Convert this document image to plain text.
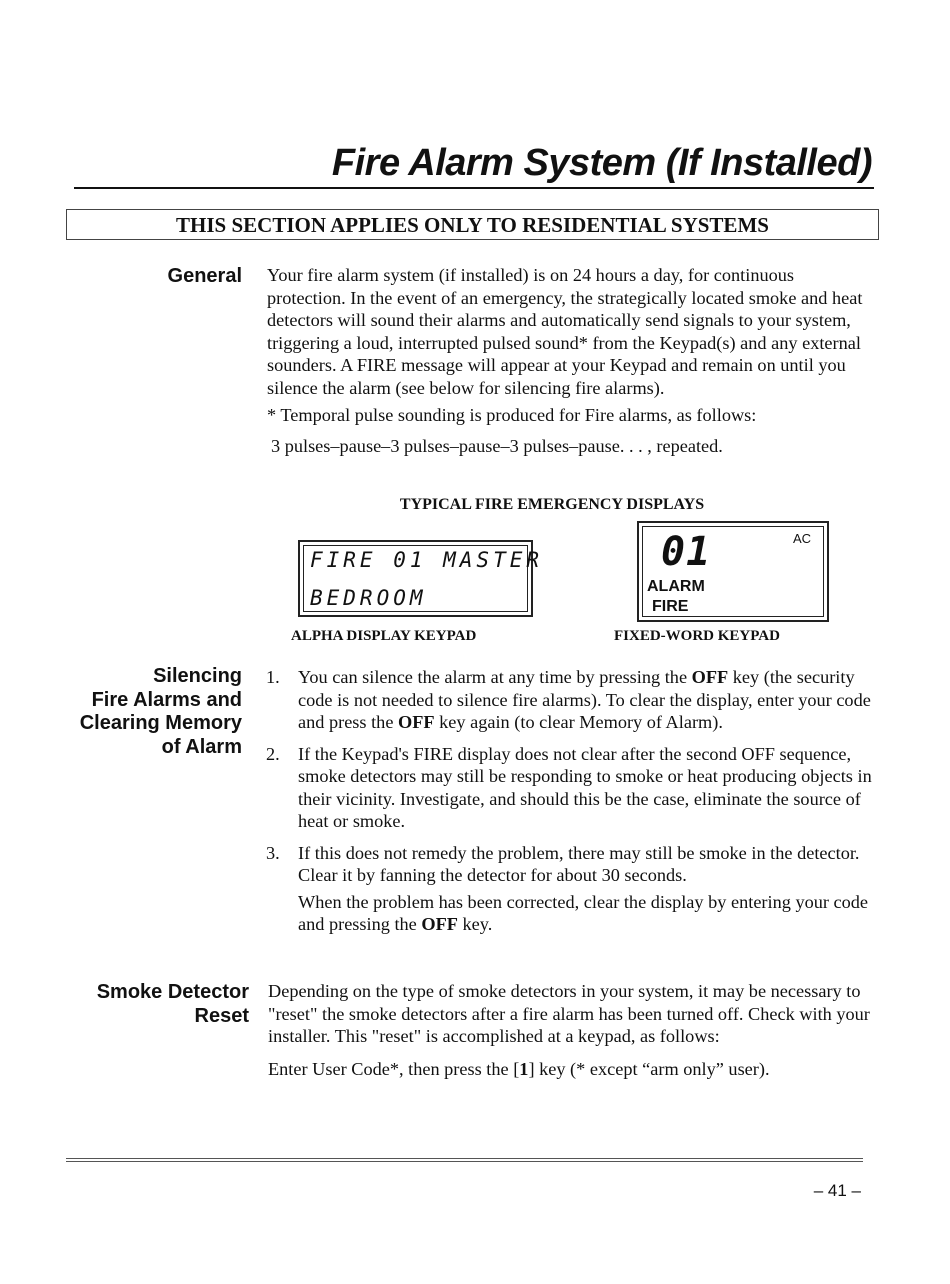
Fire Alarm System (If Installed)
THIS SECTION APPLIES ONLY TO RESIDENTIAL SYSTEMS
General Your fire alarm system (if installed) is on 24 hours a day, for continuous protection. In the event of an emergency, the strategically located smoke and heat detectors will sound their alarms and automatically send signals to your system, triggering a loud, interrupted pulsed sound* from the Keypad(s) and any external sounders. A FIRE message will appear at your Keypad and remain on until you silence the alarm (see below for silencing fire alarms).

* Temporal pulse sounding is produced for Fire alarms, as follows:

3 pulses–pause–3 pulses–pause–3 pulses–pause. . . , repeated.

TYPICAL FIRE EMERGENCY DISPLAYS
FIRE 01 MASTER
BEDROOM
ALPHA DISPLAY KEYPAD
01	AC
ALARM
FIRE
FIXED-WORD KEYPAD
Silencing
Fire Alarms and
Clearing Memory
of Alarm
1. You can silence the alarm at any time by pressing the OFF key (the security code is not needed to silence fire alarms). To clear the display, enter your code and press the OFF key again (to clear Memory of Alarm).
2. If the Keypad's FIRE display does not clear after the second OFF sequence, smoke detectors may still be responding to smoke or heat producing objects in their vicinity. Investigate, and should this be the case, eliminate the source of heat or smoke.
3. If this does not remedy the problem, there may still be smoke in the detector. Clear it by fanning the detector for about 30 seconds.
When the problem has been corrected, clear the display by entering your code and pressing the OFF key.
Smoke Detector
Reset

Depending on the type of smoke detectors in your system, it may be necessary to "reset" the smoke detectors after a fire alarm has been turned off. Check with your installer. This "reset" is accomplished at a keypad, as follows:

Enter User Code*, then press the [1] key (* except “arm only” user).

– 41 –
